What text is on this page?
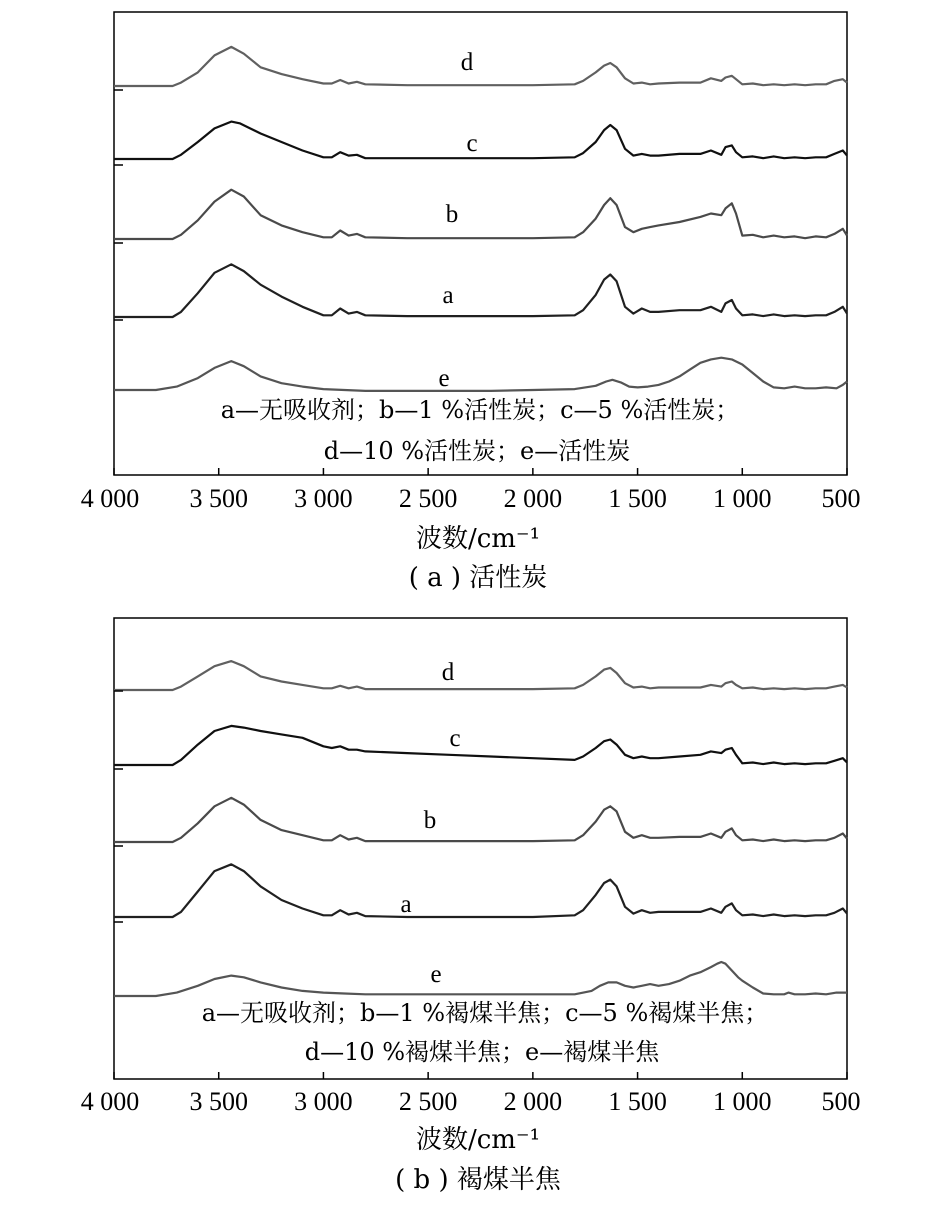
d
c
b
a
e
4 000 3 500 3 000 2 500 2 000 1 500 1 000 500
a—无吸收剂；b—1 %活性炭；c—5 %活性炭；
d—10 %活性炭；e—活性炭
波数/cm⁻¹
( a ) 活性炭
d
c
b
a
e
4 000 3 500 3 000 2 500 2 000 1 500 1 000 500
a—无吸收剂；b—1 %褐煤半焦；c—5 %褐煤半焦；
d—10 %褐煤半焦；e—褐煤半焦
波数/cm⁻¹
( b ) 褐煤半焦
